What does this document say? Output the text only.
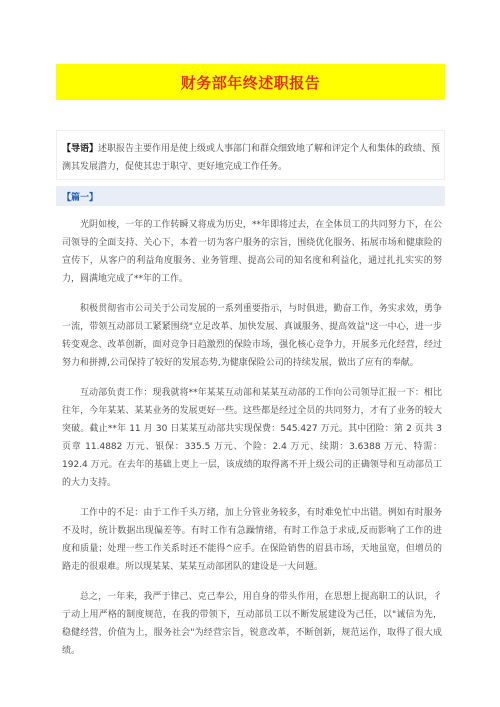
财务部年终述职报告
【导语】述职报告主要作用是使上级或人事部门和群众细致地了解和评定个人和集体的政绩、预测其发展潜力，促使其忠于职守、更好地完成工作任务。
【篇一】

光阴如梭，一年的工作转瞬又将成为历史，**年即将过去，在全体员工的共同努力下，在公司领导的全面支持、关心下，本着一切为客户服务的宗旨，围绕优化服务、拓展市场和健康险的宣传下，从客户的利益角度服务、业务管理、提高公司的知名度和利益化，通过扎扎实实的努力，圆满地完成了**年的工作。

积极贯彻省市公司关于公司发展的一系列重要指示，与时俱进，勤奋工作，务实求效，勇争一流，带领互动部员工紧紧围绕"立足改革、加快发展、真诚服务、提高效益"这一中心，进一步转变观念、改革创新，面对竞争日趋激烈的保险市场，强化核心竞争力，开展多元化经营，经过努力和拼搏,公司保持了较好的发展态势,为健康保险公司的持续发展，做出了应有的奉献。

互动部负责工作：现我就将**年某某互动部和某某互动部的工作向公司领导汇报一下：相比往年，今年某某、某某业务的发展更好一些。这些都是经过全员的共同努力，才有了业务的较大突破。截止**年 11 月 30 日某某互动部共实现保费：545.427 万元。其中团险：第 2 页共 3 页章 11.4882 万元、银保：335.5 万元、个险：2.4 万元、续期：3.6388 万元、特需：192.4 万元。在去年的基础上更上一层，该成绩的取得离不开上级公司的正确领导和互动部员工的大力支持。

工作中的不足：由于工作千头万绪，加上分管业务较多，有时难免忙中出错。例如有时服务不及时，统计数据出现偏差等。有时工作有急躁情绪，有时工作急于求成,反而影响了工作的进度和质量；处理一些工作关系时还不能得^应手。在保险销售的眉县市场，天地虽宽，但增员的路走的很艰难。所以现某某、某某互动部团队的建设是一大问题。

总之，一年来，我严于律己、克己奉公，用自身的带头作用，在思想上提高职工的认识，彳亍动上用严格的制度规范，在我的带领下，互动部员工以不断发展建设为己任，以"诚信为先，稳健经营，价值为上，服务社会"为经营宗旨，锐意改革，不断创新，规范运作，取得了很大成绩。
